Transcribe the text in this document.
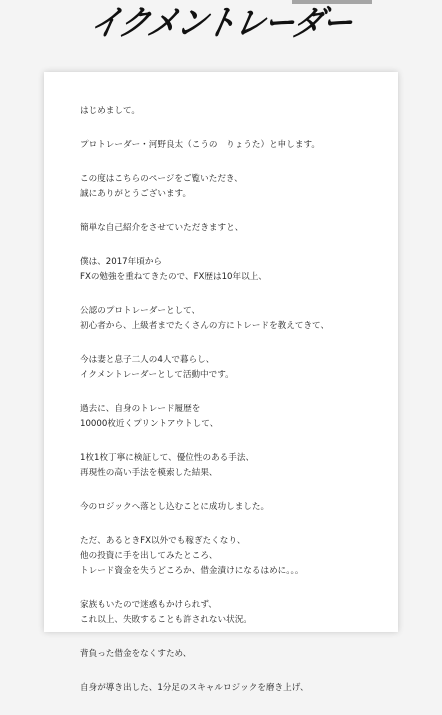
イクメントレーダー
はじめまして。
プロトレーダー・河野良太（こうの　りょうた）と申します。
この度はこちらのページをご覧いただき、
誠にありがとうございます。
簡単な自己紹介をさせていただきますと、
僕は、2017年頃から
FXの勉強を重ねてきたので、FX歴は10年以上、
公認のプロトレーダーとして、
初心者から、上級者までたくさんの方にトレードを教えてきて、
今は妻と息子二人の4人で暮らし、
イクメントレーダーとして活動中です。
過去に、自身のトレード履歴を
10000枚近くプリントアウトして、
1枚1枚丁寧に検証して、優位性のある手法、
再現性の高い手法を模索した結果、
今のロジックへ落とし込むことに成功しました。
ただ、あるときFX以外でも稼ぎたくなり、
他の投資に手を出してみたところ、
トレード資金を失うどころか、借金漬けになるはめに。。。
家族もいたので迷惑もかけられず、
これ以上、失敗することも許されない状況。
背負った借金をなくすため、
自身が導き出した、1分足のスキャルロジックを磨き上げ、
